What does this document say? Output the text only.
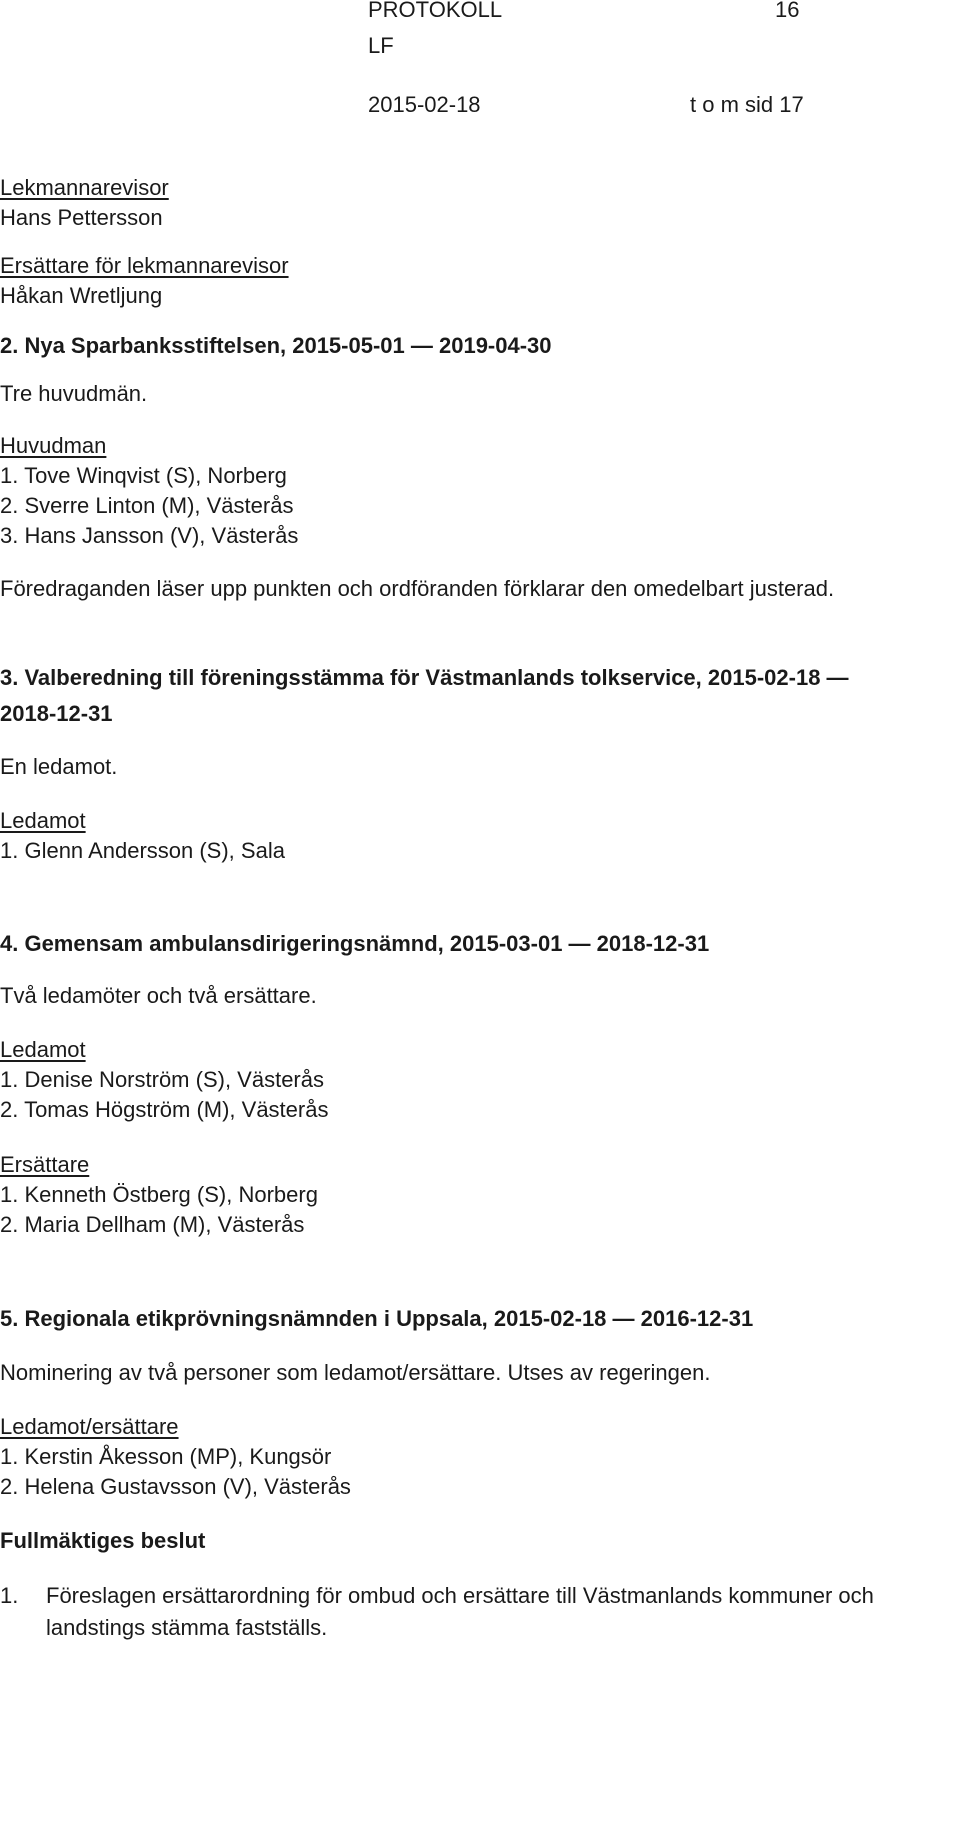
PROTOKOLL	16
LF
2015-02-18	t o m sid 17
Lekmannarevisor
Hans Pettersson
Ersättare för lekmannarevisor
Håkan Wretljung
2. Nya Sparbanksstiftelsen, 2015-05-01 — 2019-04-30
Tre huvudmän.
Huvudman
1. Tove Winqvist (S), Norberg
2. Sverre Linton (M), Västerås
3. Hans Jansson (V), Västerås
Föredraganden läser upp punkten och ordföranden förklarar den omedelbart justerad.
3. Valberedning till föreningsstämma för Västmanlands tolkservice, 2015-02-18 —
2018-12-31
En ledamot.
Ledamot
1. Glenn Andersson (S), Sala
4. Gemensam ambulansdirigeringsnämnd, 2015-03-01 — 2018-12-31
Två ledamöter och två ersättare.
Ledamot
1. Denise Norström (S), Västerås
2. Tomas Högström (M), Västerås
Ersättare
1. Kenneth Östberg (S), Norberg
2. Maria Dellham (M), Västerås
5. Regionala etikprövningsnämnden i Uppsala, 2015-02-18 — 2016-12-31
Nominering av två personer som ledamot/ersättare. Utses av regeringen.
Ledamot/ersättare
1. Kerstin Åkesson (MP), Kungsör
2. Helena Gustavsson (V), Västerås
Fullmäktiges beslut
1.	Föreslagen ersättarordning för ombud och ersättare till Västmanlands kommuner och landstings stämma fastställs.
